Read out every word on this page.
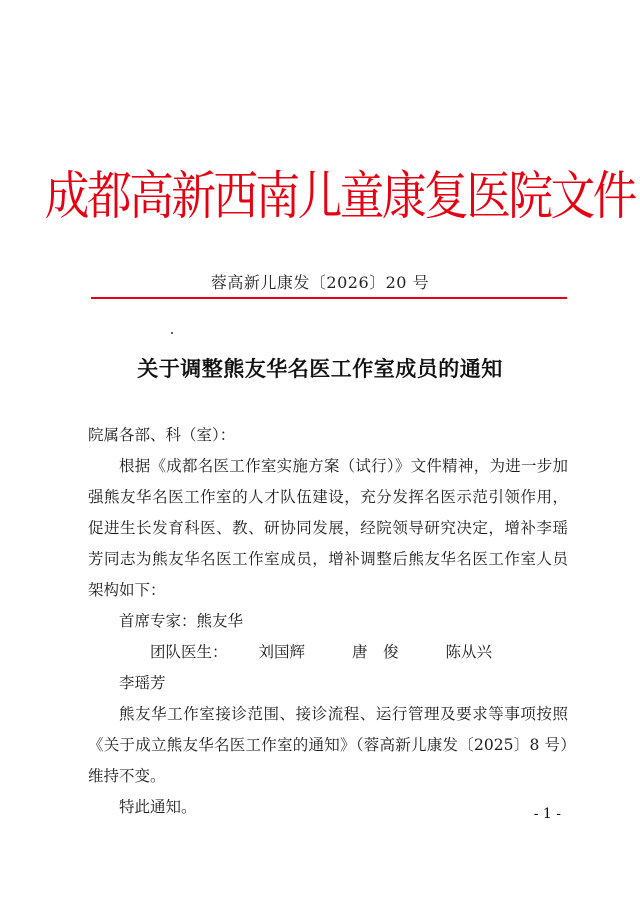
成都高新西南儿童康复医院文件
蓉高新儿康发〔2026〕20 号
关于调整熊友华名医工作室成员的通知

院属各部、科（室）：

根据《成都名医工作室实施方案（试行）》文件精神，为进一步加强熊友华名医工作室的人才队伍建设，充分发挥名医示范引领作用，促进生长发育科医、教、研协同发展，经院领导研究决定，增补李瑶芳同志为熊友华名医工作室成员，增补调整后熊友华名医工作室人员架构如下：

首席专家：熊友华

团队医生： 刘国辉	唐　俊	陈从兴李瑶芳

熊友华工作室接诊范围、接诊流程、运行管理及要求等事项按照《关于成立熊友华名医工作室的通知》（蓉高新儿康发〔2025〕8 号）维持不变。

特此通知。	- 1 -
